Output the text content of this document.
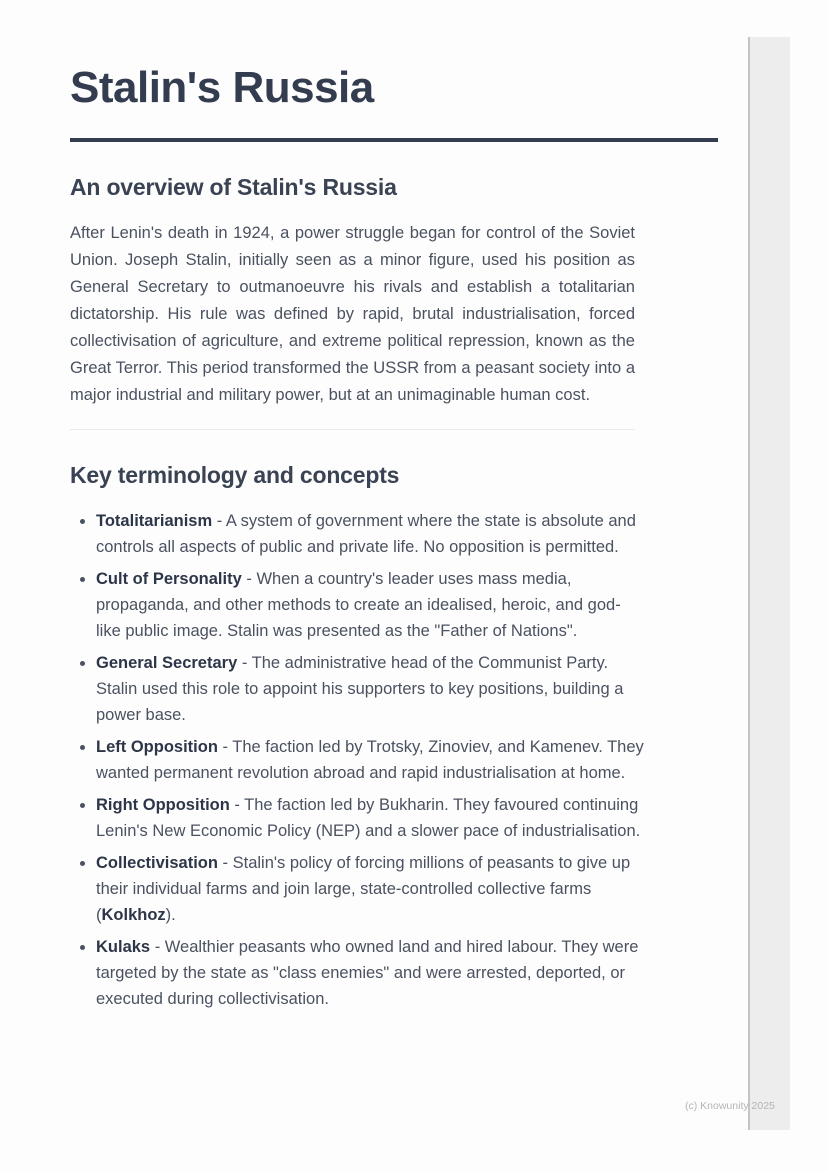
Stalin's Russia
An overview of Stalin's Russia

After Lenin's death in 1924, a power struggle began for control of the Soviet Union. Joseph Stalin, initially seen as a minor figure, used his position as General Secretary to outmanoeuvre his rivals and establish a totalitarian dictatorship. His rule was defined by rapid, brutal industrialisation, forced collectivisation of agriculture, and extreme political repression, known as the Great Terror. This period transformed the USSR from a peasant society into a major industrial and military power, but at an unimaginable human cost.

Key terminology and concepts
• Totalitarianism - A system of government where the state is absolute and controls all aspects of public and private life. No opposition is permitted.
• Cult of Personality - When a country's leader uses mass media, propaganda, and other methods to create an idealised, heroic, and god-like public image. Stalin was presented as the "Father of Nations".
• General Secretary - The administrative head of the Communist Party. Stalin used this role to appoint his supporters to key positions, building a power base.
• Left Opposition - The faction led by Trotsky, Zinoviev, and Kamenev. They wanted permanent revolution abroad and rapid industrialisation at home.
• Right Opposition - The faction led by Bukharin. They favoured continuing Lenin's New Economic Policy (NEP) and a slower pace of industrialisation.
• Collectivisation - Stalin's policy of forcing millions of peasants to give up their individual farms and join large, state-controlled collective farms (Kolkhoz).
• Kulaks - Wealthier peasants who owned land and hired labour. They were targeted by the state as "class enemies" and were arrested, deported, or executed during collectivisation.
(c) Knowunity 2025
